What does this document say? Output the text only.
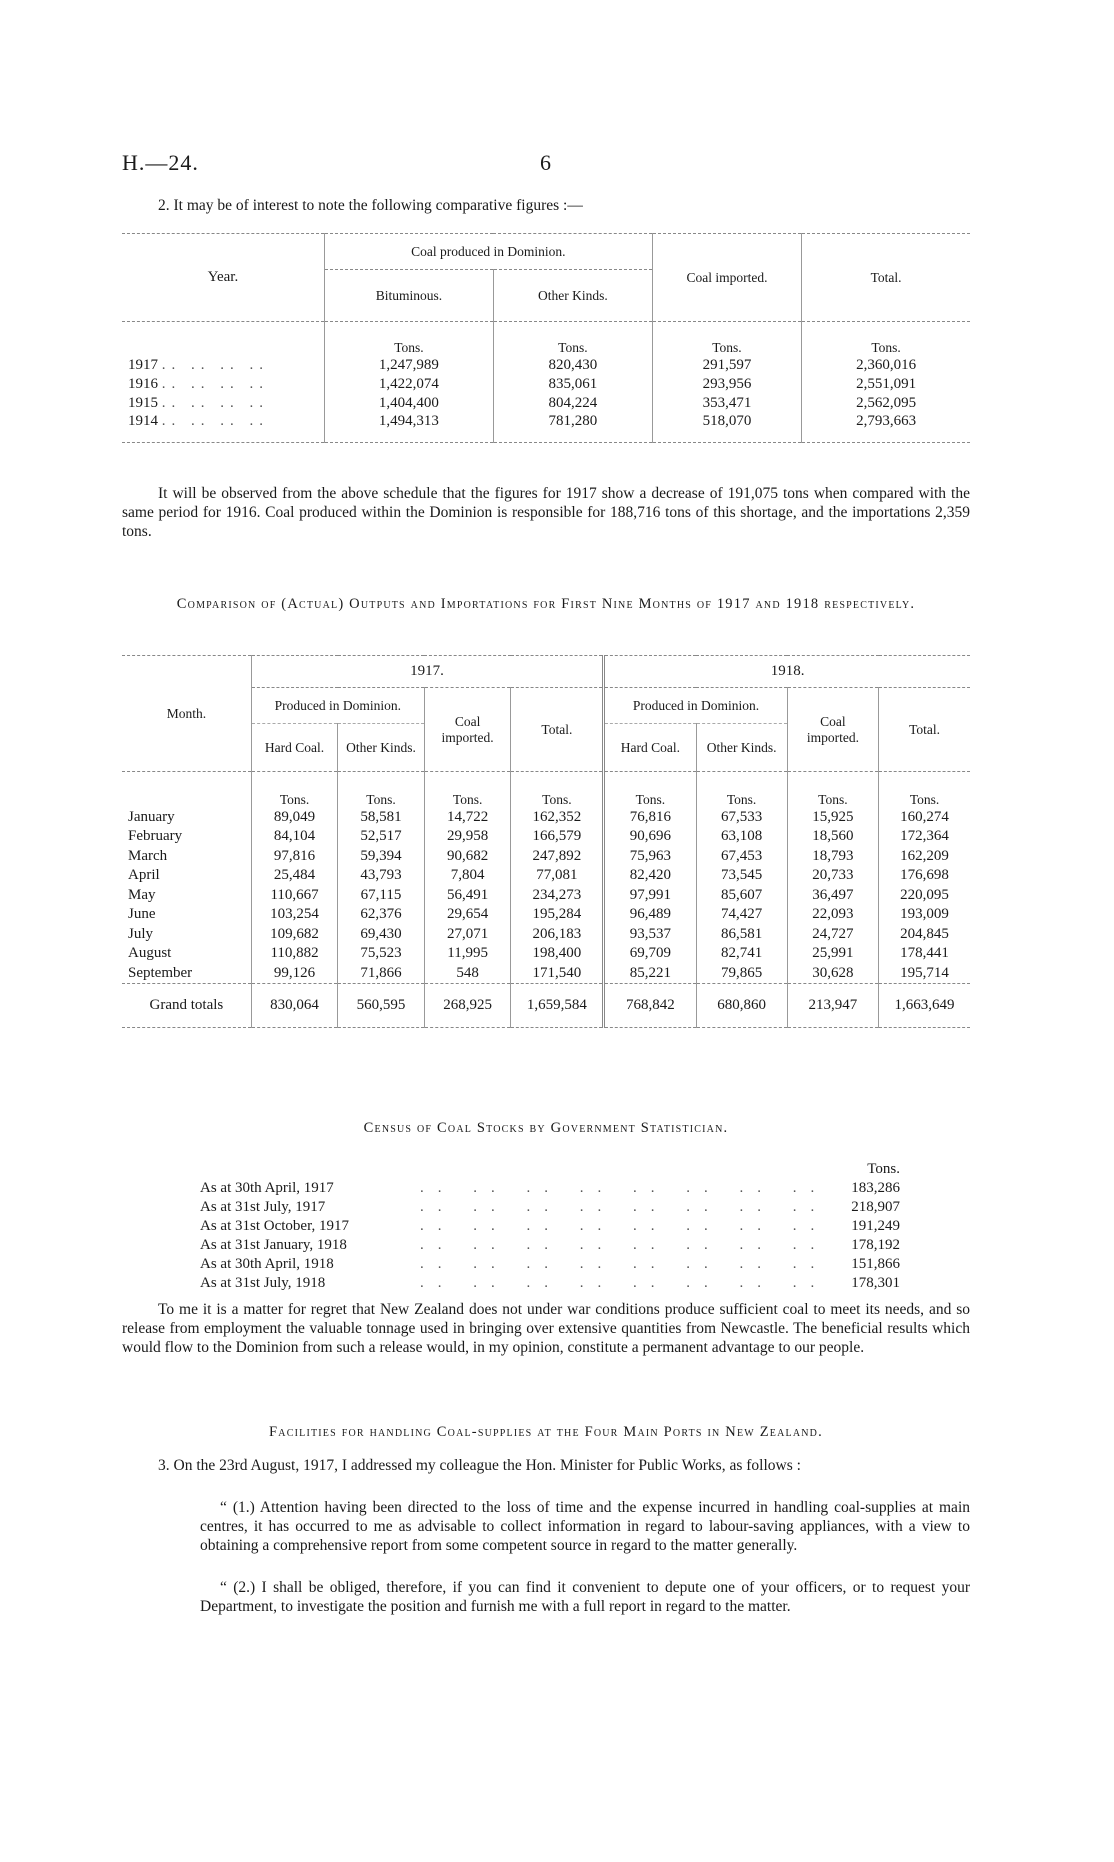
H.—24.	6
2. It may be of interest to note the following comparative figures :—
Year.	Coal produced in Dominion.		Coal imported.	Total.
	Bituminous.	Other Kinds.		
	Tons.	Tons.	Tons.	Tons.
1917 .. .. .. ..	1,247,989	820,430	291,597	2,360,016
1916 .. .. .. ..	1,422,074	835,061	293,956	2,551,091
1915 .. .. .. ..	1,404,400	804,224	353,471	2,562,095
1914 .. .. .. ..	1,494,313	781,280	518,070	2,793,663
It will be observed from the above schedule that the figures for 1917 show a decrease of 191,075 tons when compared with the same period for 1916. Coal produced within the Dominion is responsible for 188,716 tons of this shortage, and the importations 2,359 tons.
Comparison of (Actual) Outputs and Importations for First Nine Months of 1917 and 1918 respectively.
Month.	1917.				1918.			
	Produced in Dominion.		Coal imported.	Total.	Produced in Dominion.		Coal imported.	Total.
	Hard Coal.	Other Kinds.			Hard Coal.	Other Kinds.		
	Tons.	Tons.	Tons.	Tons.	Tons.	Tons.	Tons.	Tons.
January	89,049	58,581	14,722	162,352	76,816	67,533	15,925	160,274
February	84,104	52,517	29,958	166,579	90,696	63,108	18,560	172,364
March	97,816	59,394	90,682	247,892	75,963	67,453	18,793	162,209
April	25,484	43,793	7,804	77,081	82,420	73,545	20,733	176,698
May	110,667	67,115	56,491	234,273	97,991	85,607	36,497	220,095
June	103,254	62,376	29,654	195,284	96,489	74,427	22,093	193,009
July	109,682	69,430	27,071	206,183	93,537	86,581	24,727	204,845
August	110,882	75,523	11,995	198,400	69,709	82,741	25,991	178,441
September	99,126	71,866	548	171,540	85,221	79,865	30,628	195,714
Grand totals	830,064	560,595	268,925	1,659,584	768,842	680,860	213,947	1,663,649
Census of Coal Stocks by Government Statistician.
Tons.
As at 30th April, 1917	.. .. .. .. .. .. .. ..	183,286
As at 31st July, 1917	.. .. .. .. .. .. .. ..	218,907
As at 31st October, 1917	.. .. .. .. .. .. .. ..	191,249
As at 31st January, 1918	.. .. .. .. .. .. .. ..	178,192
As at 30th April, 1918	.. .. .. .. .. .. .. ..	151,866
As at 31st July, 1918	.. .. .. .. .. .. .. ..	178,301
To me it is a matter for regret that New Zealand does not under war conditions produce sufficient coal to meet its needs, and so release from employment the valuable tonnage used in bringing over extensive quantities from Newcastle. The beneficial results which would flow to the Dominion from such a release would, in my opinion, constitute a permanent advantage to our people.
Facilities for handling Coal-supplies at the Four Main Ports in New Zealand.
3. On the 23rd August, 1917, I addressed my colleague the Hon. Minister for Public Works, as follows :
“ (1.) Attention having been directed to the loss of time and the expense incurred in handling coal-supplies at main centres, it has occurred to me as advisable to collect information in regard to labour-saving appliances, with a view to obtaining a comprehensive report from some competent source in regard to the matter generally.
“ (2.) I shall be obliged, therefore, if you can find it convenient to depute one of your officers, or to request your Department, to investigate the position and furnish me with a full report in regard to the matter.
